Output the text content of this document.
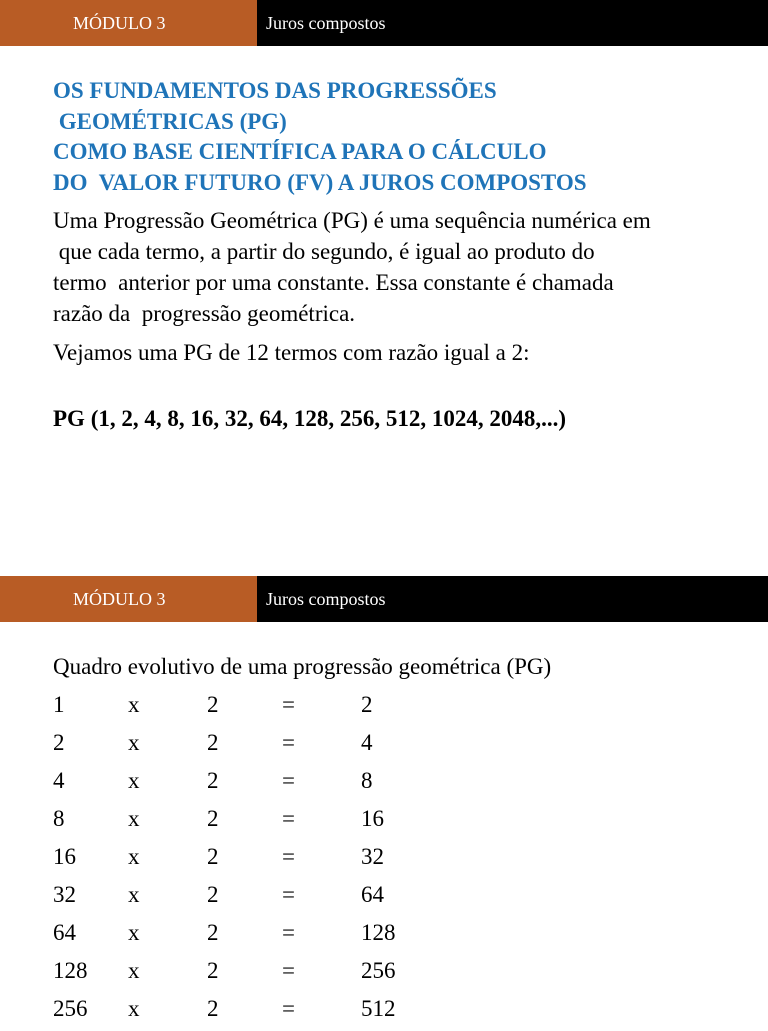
MÓDULO 3	Juros compostos
OS FUNDAMENTOS DAS PROGRESSÕES
GEOMÉTRICAS (PG)
COMO BASE CIENTÍFICA PARA O CÁLCULO
DO  VALOR FUTURO (FV) A JUROS COMPOSTOS
Uma Progressão Geométrica (PG) é uma sequência numérica em
que cada termo, a partir do segundo, é igual ao produto do
termo  anterior por uma constante. Essa constante é chamada
razão da  progressão geométrica.
Vejamos uma PG de 12 termos com razão igual a 2:
PG (1, 2, 4, 8, 16, 32, 64, 128, 256, 512, 1024, 2048,...)
MÓDULO 3	Juros compostos
Quadro evolutivo de uma progressão geométrica (PG)
1	x	2	=	2
2	x	2	=	4
4	x	2	=	8
8	x	2	=	16
16 x	2	=	32
32 x	2	=	64
64 x	2	=	128
128 x	2	=	256
256 x	2	=	512
